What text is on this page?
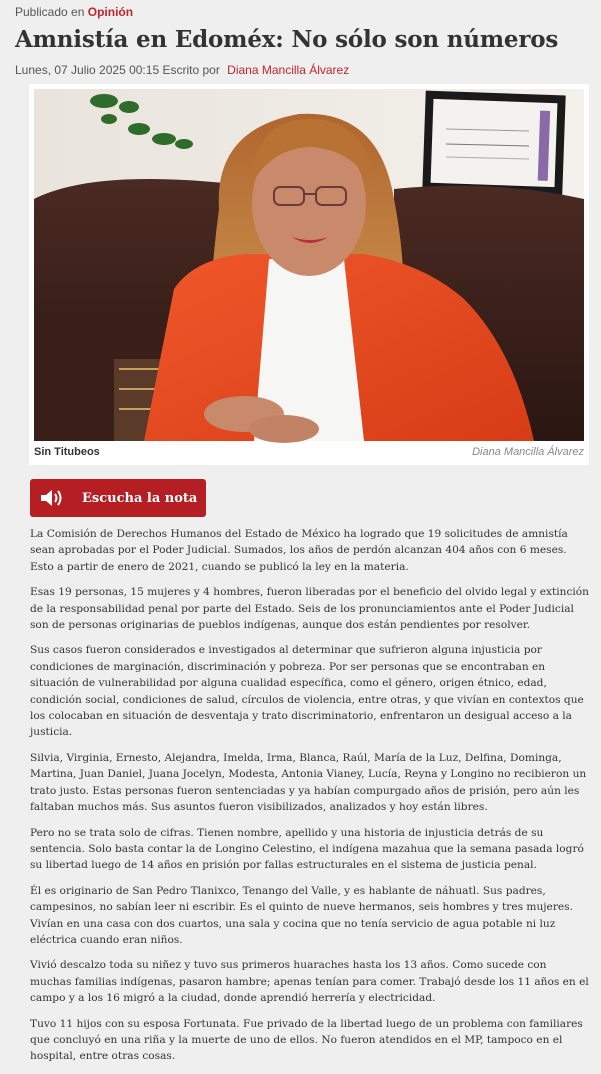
Publicado en Opinión
Amnistía en Edoméx: No sólo son números
Lunes, 07 Julio 2025 00:15 Escrito por Diana Mancilla Álvarez
Sin Titubeos	Diana Mancilla Álvarez
Escucha la nota

La Comisión de Derechos Humanos del Estado de México ha logrado que 19 solicitudes de amnistía sean aprobadas por el Poder Judicial. Sumados, los años de perdón alcanzan 404 años con 6 meses. Esto a partir de enero de 2021, cuando se publicó la ley en la materia.

Esas 19 personas, 15 mujeres y 4 hombres, fueron liberadas por el beneficio del olvido legal y extinción de la responsabilidad penal por parte del Estado. Seis de los pronunciamientos ante el Poder Judicial son de personas originarias de pueblos indígenas, aunque dos están pendientes por resolver.

Sus casos fueron considerados e investigados al determinar que sufrieron alguna injusticia por condiciones de marginación, discriminación y pobreza. Por ser personas que se encontraban en situación de vulnerabilidad por alguna cualidad específica, como el género, origen étnico, edad, condición social, condiciones de salud, círculos de violencia, entre otras, y que vivían en contextos que los colocaban en situación de desventaja y trato discriminatorio, enfrentaron un desigual acceso a la justicia.

Silvia, Virginia, Ernesto, Alejandra, Imelda, Irma, Blanca, Raúl, María de la Luz, Delfina, Dominga, Martina, Juan Daniel, Juana Jocelyn, Modesta, Antonia Vianey, Lucía, Reyna y Longino no recibieron un trato justo. Estas personas fueron sentenciadas y ya habían compurgado años de prisión, pero aún les faltaban muchos más. Sus asuntos fueron visibilizados, analizados y hoy están libres.

Pero no se trata solo de cifras. Tienen nombre, apellido y una historia de injusticia detrás de su sentencia. Solo basta contar la de Longino Celestino, el indígena mazahua que la semana pasada logró su libertad luego de 14 años en prisión por fallas estructurales en el sistema de justicia penal.

Él es originario de San Pedro Tlanixco, Tenango del Valle, y es hablante de náhuatl. Sus padres, campesinos, no sabían leer ni escribir. Es el quinto de nueve hermanos, seis hombres y tres mujeres. Vivían en una casa con dos cuartos, una sala y cocina que no tenía servicio de agua potable ni luz eléctrica cuando eran niños.

Vivió descalzo toda su niñez y tuvo sus primeros huaraches hasta los 13 años. Como sucede con muchas familias indígenas, pasaron hambre; apenas tenían para comer. Trabajó desde los 11 años en el campo y a los 16 migró a la ciudad, donde aprendió herrería y electricidad.

Tuvo 11 hijos con su esposa Fortunata. Fue privado de la libertad luego de un problema con familiares que concluyó en una riña y la muerte de uno de ellos. No fueron atendidos en el MP, tampoco en el hospital, entre otras cosas.
